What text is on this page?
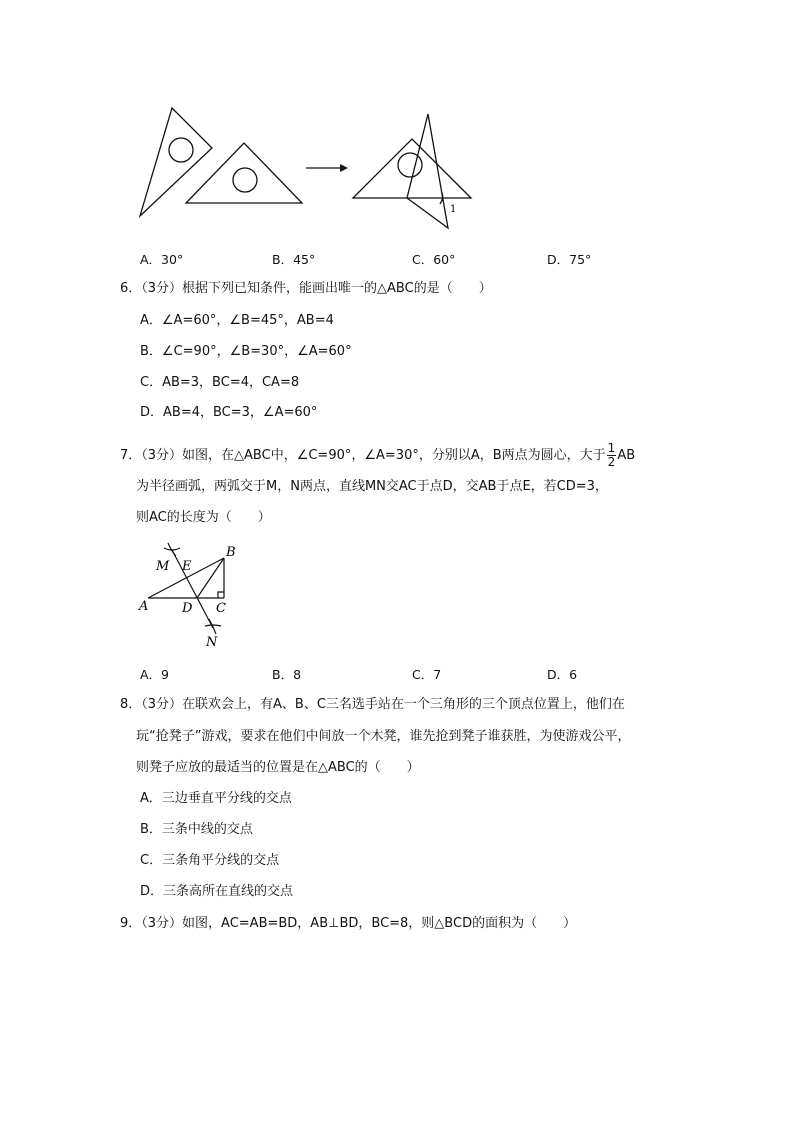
1
A．30°	B．45°	C．60°	D．75°
6．（3分）根据下列已知条件，能画出唯一的△ABC的是（　　）
A．∠A=60°，∠B=45°，AB=4
B．∠C=90°，∠B=30°，∠A=60°
C．AB=3，BC=4，CA=8
D．AB=4，BC=3，∠A=60°
7．（3分）如图，在△ABC中，∠C=90°，∠A=30°，分别以A，B两点为圆心，大于 $\frac{1}{2}$ AB
为半径画弧，两弧交于M，N两点，直线MN交AC于点D，交AB于点E，若CD=3，
则AC的长度为（　　）
M E
B
A	D C
N
A．9	B．8	C．7	D．6
8．（3分）在联欢会上，有A、B、C三名选手站在一个三角形的三个顶点位置上，他们在
玩“抢凳子”游戏，要求在他们中间放一个木凳，谁先抢到凳子谁获胜，为使游戏公平，
则凳子应放的最适当的位置是在△ABC的（　　）
A．三边垂直平分线的交点
B．三条中线的交点
C．三条角平分线的交点
D．三条高所在直线的交点
9．（3分）如图，AC=AB=BD，AB⊥BD，BC=8，则△BCD的面积为（　　）
